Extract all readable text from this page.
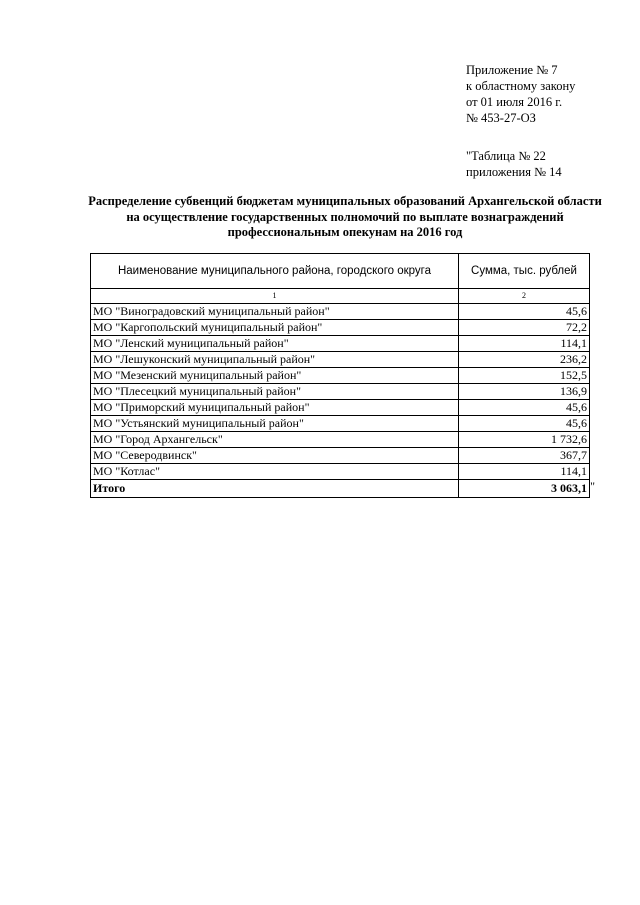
Приложение № 7
к областному закону
от 01 июля 2016 г.
№ 453-27-ОЗ
"Таблица № 22
приложения № 14
Распределение субвенций бюджетам муниципальных образований Архангельской области на осуществление государственных полномочий по выплате вознаграждений профессиональным опекунам на 2016 год
Наименование муниципального района, городского округа	Сумма, тыс. рублей
1	2
МО "Виноградовский муниципальный район"	45,6
МО "Каргопольский муниципальный район"	72,2
МО "Ленский муниципальный район"	114,1
МО "Лешуконский муниципальный район"	236,2
МО "Мезенский муниципальный район"	152,5
МО "Плесецкий муниципальный район"	136,9
МО "Приморский муниципальный район"	45,6
МО "Устьянский муниципальный район"	45,6
МО "Город Архангельск"	1 732,6
МО "Северодвинск"	367,7
МО "Котлас"	114,1
Итого	3 063,1 "
